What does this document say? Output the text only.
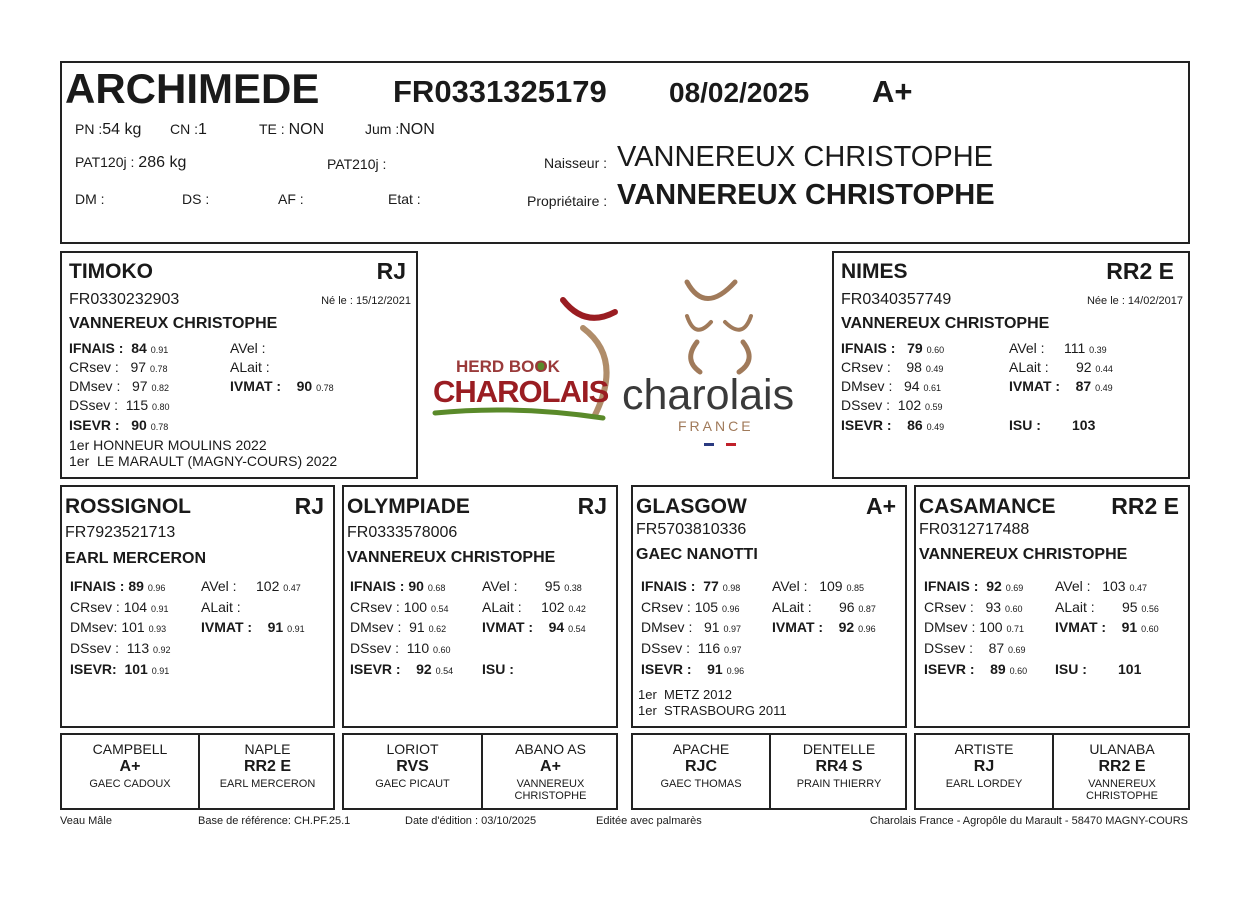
ARCHIMEDE FR0331325179 08/02/2025 A+
PN :54 kg CN :1	TE : NON	Jum :NON
PAT120j : 286 kg	PAT210j :
DM :	DS :	AF :	Etat :
Naisseur : VANNEREUX CHRISTOPHE
Propriétaire : VANNEREUX CHRISTOPHE
TIMOKO	RJ
FR0330232903	Né le : 15/12/2021
VANNEREUX CHRISTOPHE
IFNAIS : 84 0.91
CRsev : 97 0.78
DMsev : 97 0.82
DSsev : 115 0.80
ISEVR : 90 0.78
AVel :
ALait :
IVMAT : 90 0.78
1er HONNEUR MOULINS 2022
1er  LE MARAULT (MAGNY-COURS) 2022
HERD BOOK
CHAROLAIS charolais
FRANCE
NIMES	RR2 E
FR0340357749	Née le : 14/02/2017
VANNEREUX CHRISTOPHE
IFNAIS : 79 0.60
CRsev : 98 0.49
DMsev : 94 0.61
DSsev : 102 0.59
ISEVR : 86 0.49
AVel : 111 0.39
ALait : 92 0.44
IVMAT : 87 0.49
ISU : 103
ROSSIGNOL	RJ
FR7923521713
EARL MERCERON
IFNAIS : 89 0.96
CRsev : 104 0.91
DMsev: 101 0.93
DSsev : 113 0.92
ISEVR: 101 0.91
AVel : 102 0.47
ALait :
IVMAT : 91 0.91
OLYMPIADE	RJ
FR0333578006
VANNEREUX CHRISTOPHE
IFNAIS : 90 0.68
CRsev : 100 0.54
DMsev : 91 0.62
DSsev : 110 0.60
ISEVR : 92 0.54
AVel : 95 0.38
ALait : 102 0.42
IVMAT : 94 0.54
ISU :
GLASGOW	A+
FR5703810336
GAEC NANOTTI
IFNAIS : 77 0.98
CRsev : 105 0.96
DMsev : 91 0.97
DSsev : 116 0.97
ISEVR : 91 0.96
AVel : 109 0.85
ALait : 96 0.87
IVMAT : 92 0.96
1er  METZ 2012
1er  STRASBOURG 2011
CASAMANCE RR2 E
FR0312717488
VANNEREUX CHRISTOPHE
IFNAIS : 92 0.69
CRsev : 93 0.60
DMsev : 100 0.71
DSsev : 87 0.69
ISEVR : 89 0.60
AVel : 103 0.47
ALait : 95 0.56
IVMAT : 91 0.60
ISU : 101
CAMPBELL
A+
GAEC CADOUX
NAPLE
RR2 E
EARL MERCERON
LORIOT
RVS
GAEC PICAUT
ABANO AS
A+
VANNEREUX CHRISTOPHE
APACHE
RJC
GAEC THOMAS
DENTELLE
RR4 S
PRAIN THIERRY
ARTISTE
RJ
EARL LORDEY
ULANABA
RR2 E
VANNEREUX CHRISTOPHE
Veau Mâle	Base de référence: CH.PF.25.1	Date d'édition : 03/10/2025	Editée avec palmarès	Charolais France - Agropôle du Marault - 58470 MAGNY-COURS
